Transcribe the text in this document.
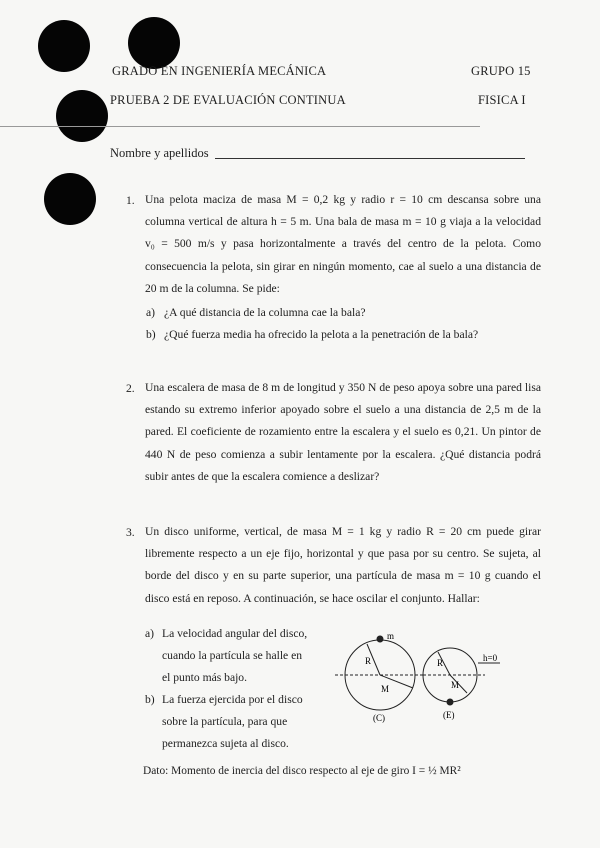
GRADO EN INGENIERÍA MECÁNICA	GRUPO 15
PRUEBA 2 DE EVALUACIÓN CONTINUA	FISICA I
Nombre y apellidos
1. Una pelota maciza de masa M = 0,2 kg y radio r = 10 cm descansa sobre una columna vertical de altura h = 5 m. Una bala de masa m = 10 g viaja a la velocidad v₀ = 500 m/s y pasa horizontalmente a través del centro de la pelota. Como consecuencia la pelota, sin girar en ningún momento, cae al suelo a una distancia de 20 m de la columna. Se pide:
a) ¿A qué distancia de la columna cae la bala?
b) ¿Qué fuerza media ha ofrecido la pelota a la penetración de la bala?
2. Una escalera de masa de 8 m de longitud y 350 N de peso apoya sobre una pared lisa estando su extremo inferior apoyado sobre el suelo a una distancia de 2,5 m de la pared. El coeficiente de rozamiento entre la escalera y el suelo es 0,21. Un pintor de 440 N de peso comienza a subir lentamente por la escalera. ¿Qué distancia podrá subir antes de que la escalera comience a deslizar?
3. Un disco uniforme, vertical, de masa M = 1 kg y radio R = 20 cm puede girar libremente respecto a un eje fijo, horizontal y que pasa por su centro. Se sujeta, al borde del disco y en su parte superior, una partícula de masa m = 10 g cuando el disco está en reposo. A continuación, se hace oscilar el conjunto. Hallar:
a) La velocidad angular del disco,
cuando la partícula se halle en
el punto más bajo.
b) La fuerza ejercida por el disco
sobre la partícula, para que
permanezca sujeta al disco.
m
R
M
R
M
h=0
(C)	(E)
Dato: Momento de inercia del disco respecto al eje de giro I = ½ MR²
